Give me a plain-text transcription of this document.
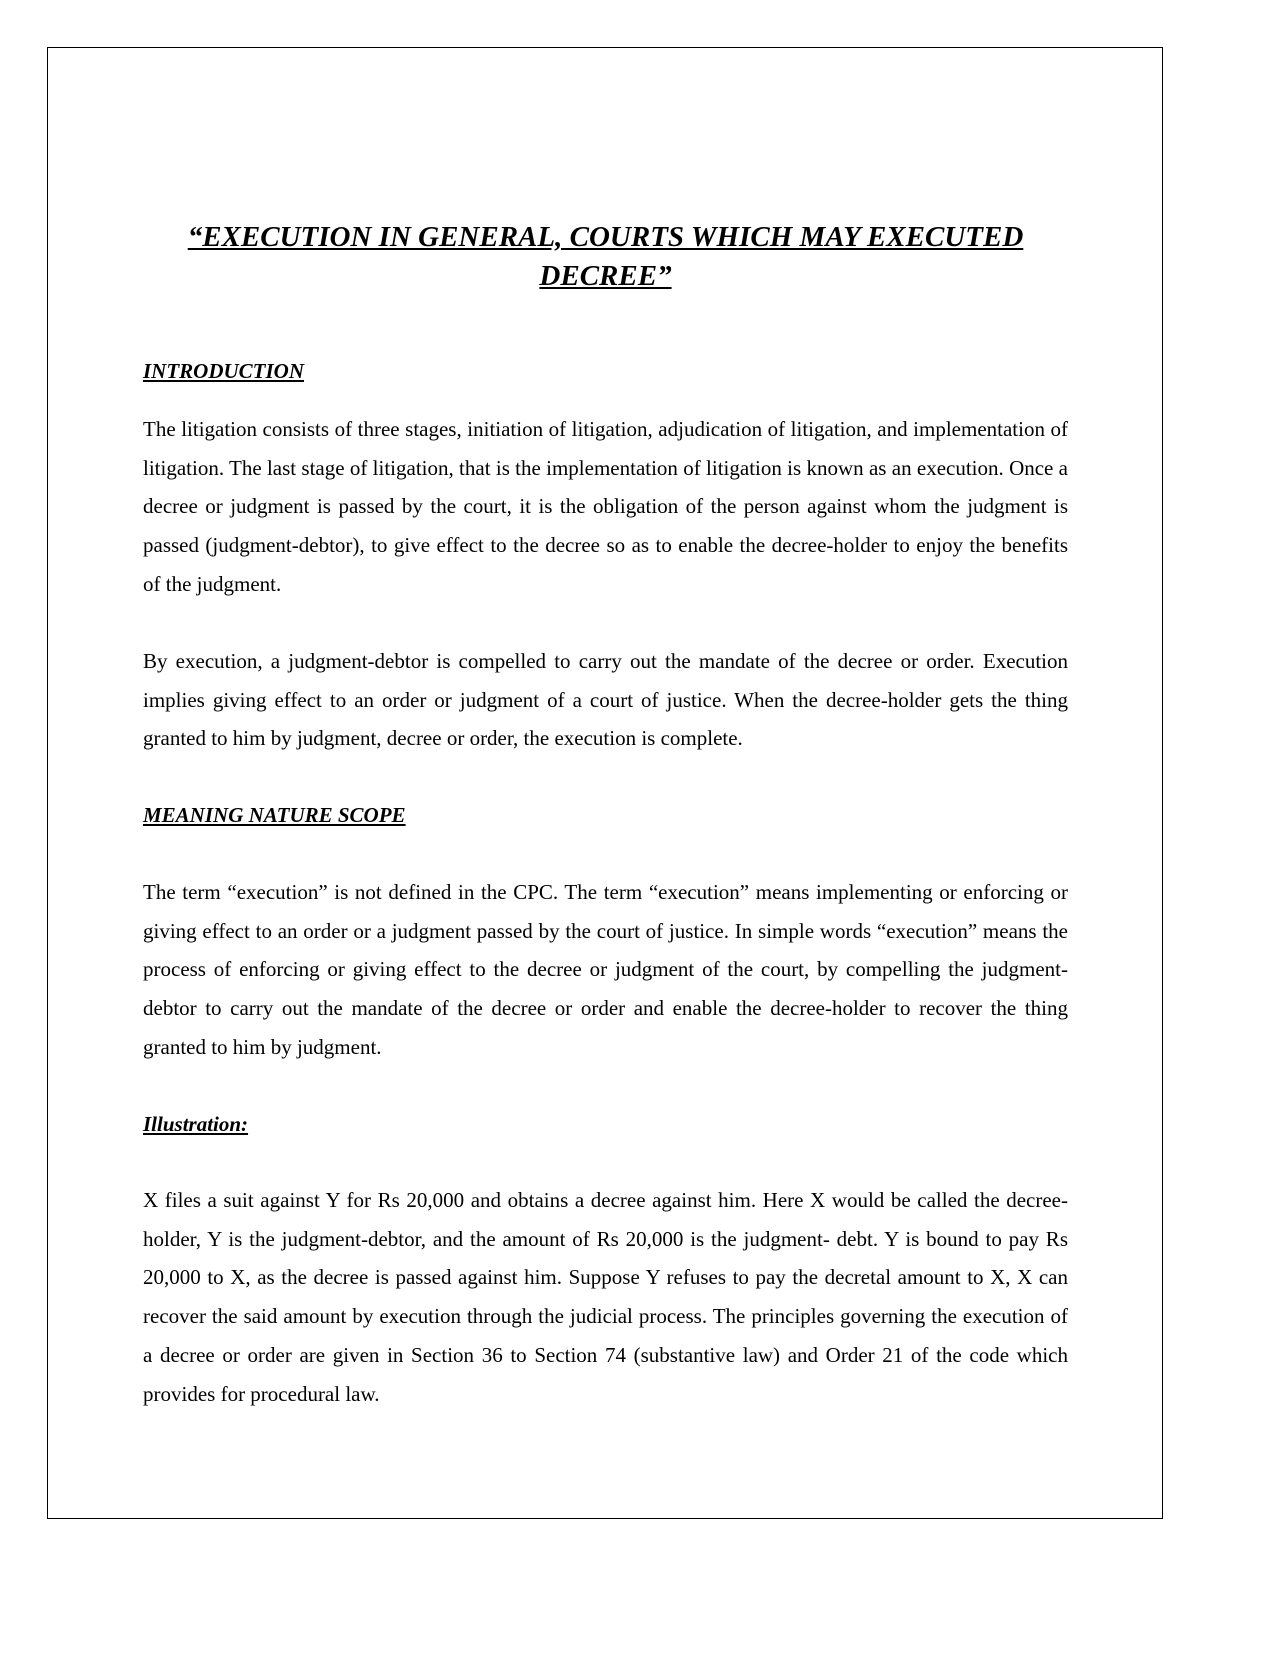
“EXECUTION IN GENERAL, COURTS WHICH MAY EXECUTED DECREE”
INTRODUCTION

The litigation consists of three stages, initiation of litigation, adjudication of litigation, and implementation of litigation. The last stage of litigation, that is the implementation of litigation is known as an execution. Once a decree or judgment is passed by the court, it is the obligation of the person against whom the judgment is passed (judgment-debtor), to give effect to the decree so as to enable the decree-holder to enjoy the benefits of the judgment.

By execution, a judgment-debtor is compelled to carry out the mandate of the decree or order. Execution implies giving effect to an order or judgment of a court of justice. When the decree-holder gets the thing granted to him by judgment, decree or order, the execution is complete.

MEANING NATURE SCOPE

The term “execution” is not defined in the CPC. The term “execution” means implementing or enforcing or giving effect to an order or a judgment passed by the court of justice. In simple words “execution” means the process of enforcing or giving effect to the decree or judgment of the court, by compelling the judgment-debtor to carry out the mandate of the decree or order and enable the decree-holder to recover the thing granted to him by judgment.

Illustration:

X files a suit against Y for Rs 20,000 and obtains a decree against him. Here X would be called the decree-holder, Y is the judgment-debtor, and the amount of Rs 20,000 is the judgment- debt. Y is bound to pay Rs 20,000 to X, as the decree is passed against him. Suppose Y refuses to pay the decretal amount to X, X can recover the said amount by execution through the judicial process. The principles governing the execution of a decree or order are given in Section 36 to Section 74 (substantive law) and Order 21 of the code which provides for procedural law.
